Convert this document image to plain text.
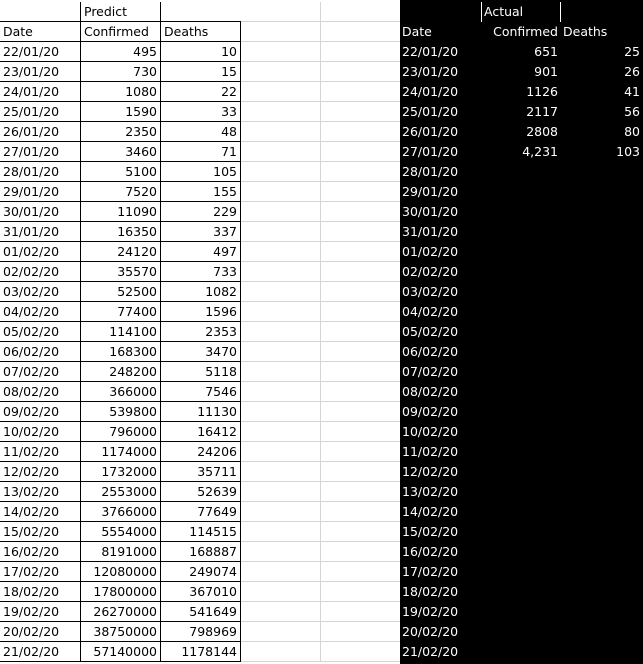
Predict	Actual
Date	Confirmed	Deaths	Date	Confirmed Deaths
22/01/20	495	10	22/01/20	651	25
23/01/20	730	15	23/01/20	901	26
24/01/20	1080	22	24/01/20	1126	41
25/01/20	1590	33	25/01/20	2117	56
26/01/20	2350	48	26/01/20	2808	80
27/01/20	3460	71	27/01/20	4,231	103
28/01/20	5100	105	28/01/20
29/01/20	7520	155	29/01/20
30/01/20	11090	229	30/01/20
31/01/20	16350	337	31/01/20
01/02/20	24120	497	01/02/20
02/02/20	35570	733	02/02/20
03/02/20	52500	1082	03/02/20
04/02/20	77400	1596	04/02/20
05/02/20	114100	2353	05/02/20
06/02/20	168300	3470	06/02/20
07/02/20	248200	5118	07/02/20
08/02/20	366000	7546	08/02/20
09/02/20	539800	11130	09/02/20
10/02/20	796000	16412	10/02/20
11/02/20	1174000	24206	11/02/20
12/02/20	1732000	35711	12/02/20
13/02/20	2553000	52639	13/02/20
14/02/20	3766000	77649	14/02/20
15/02/20	5554000	114515	15/02/20
16/02/20	8191000	168887	16/02/20
17/02/20	12080000	249074	17/02/20
18/02/20	17800000	367010	18/02/20
19/02/20	26270000	541649	19/02/20
20/02/20	38750000	798969	20/02/20
21/02/20	57140000	1178144	21/02/20
